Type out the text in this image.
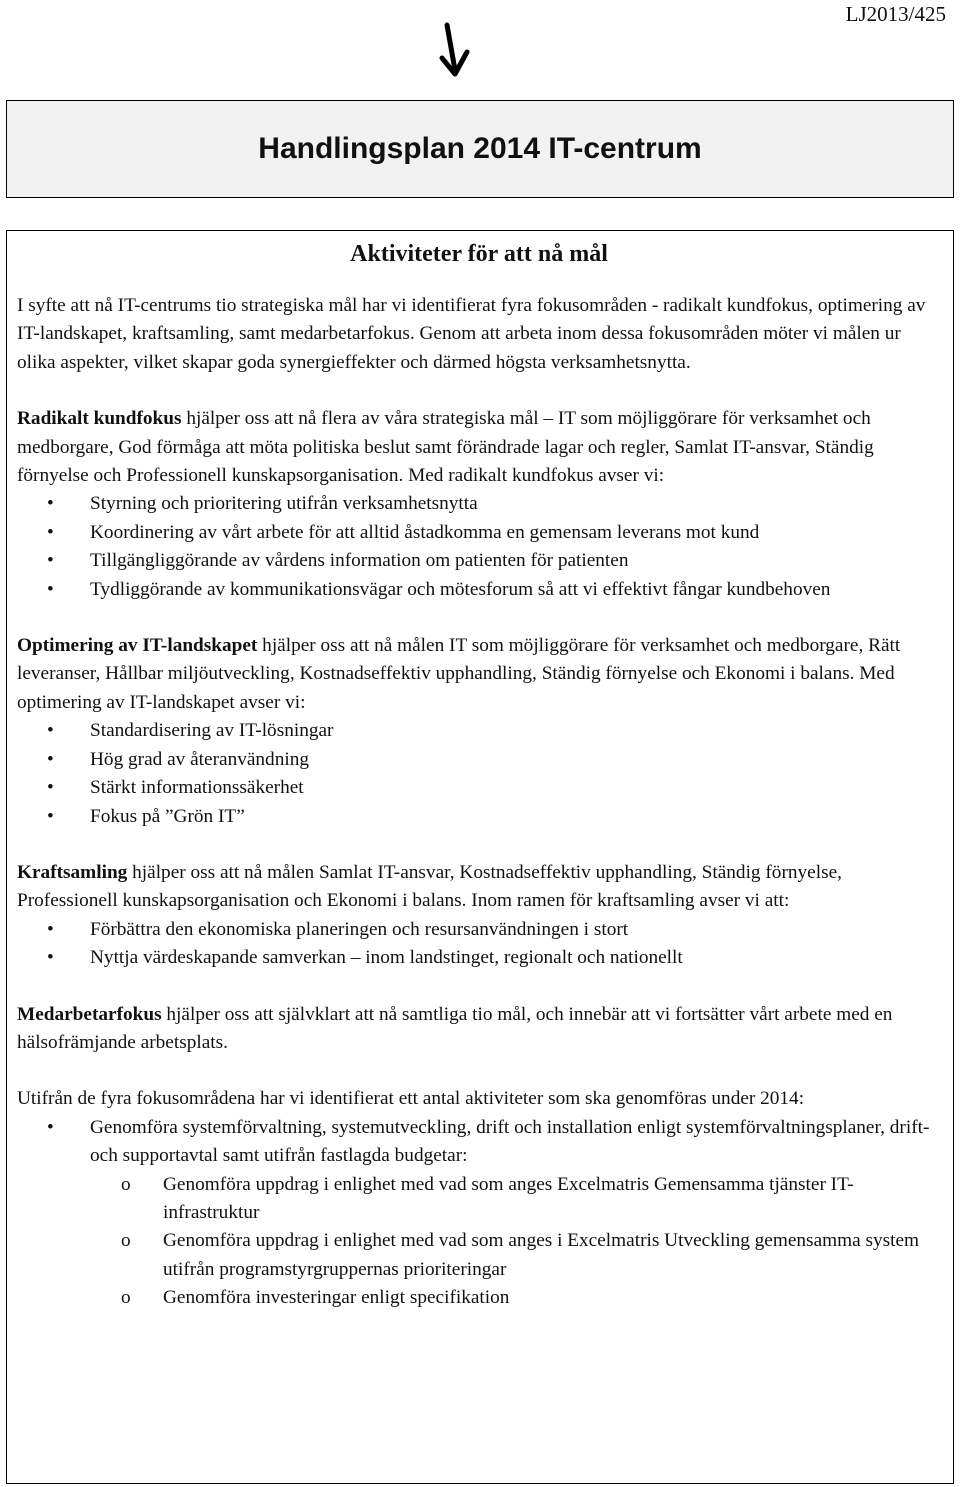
LJ2013/425
Handlingsplan 2014 IT-centrum
Aktiviteter för att nå mål

I syfte att nå IT-centrums tio strategiska mål har vi identifierat fyra fokusområden - radikalt kundfokus, optimering av IT-landskapet, kraftsamling, samt medarbetarfokus. Genom att arbeta inom dessa fokusområden möter vi målen ur olika aspekter, vilket skapar goda synergieffekter och därmed högsta verksamhetsnytta.

Radikalt kundfokus hjälper oss att nå flera av våra strategiska mål – IT som möjliggörare för verksamhet och medborgare, God förmåga att möta politiska beslut samt förändrade lagar och regler, Samlat IT-ansvar, Ständig förnyelse och Professionell kunskapsorganisation. Med radikalt kundfokus avser vi:

• Styrning och prioritering utifrån verksamhetsnytta
• Koordinering av vårt arbete för att alltid åstadkomma en gemensam leverans mot kund
• Tillgängliggörande av vårdens information om patienten för patienten
• Tydliggörande av kommunikationsvägar och mötesforum så att vi effektivt fångar kundbehoven

Optimering av IT-landskapet hjälper oss att nå målen IT som möjliggörare för verksamhet och medborgare, Rätt leveranser, Hållbar miljöutveckling, Kostnadseffektiv upphandling, Ständig förnyelse och Ekonomi i balans. Med optimering av IT-landskapet avser vi:

• Standardisering av IT-lösningar
• Hög grad av återanvändning
• Stärkt informationssäkerhet
• Fokus på ”Grön IT”

Kraftsamling hjälper oss att nå målen Samlat IT-ansvar, Kostnadseffektiv upphandling, Ständig förnyelse, Professionell kunskapsorganisation och Ekonomi i balans. Inom ramen för kraftsamling avser vi att:

• Förbättra den ekonomiska planeringen och resursanvändningen i stort
• Nyttja värdeskapande samverkan – inom landstinget, regionalt och nationellt

Medarbetarfokus hjälper oss att självklart att nå samtliga tio mål, och innebär att vi fortsätter vårt arbete med en hälsofrämjande arbetsplats.

Utifrån de fyra fokusområdena har vi identifierat ett antal aktiviteter som ska genomföras under 2014:

• Genomföra systemförvaltning, systemutveckling, drift och installation enligt systemförvaltningsplaner, drift- och supportavtal samt utifrån fastlagda budgetar:
o Genomföra uppdrag i enlighet med vad som anges Excelmatris Gemensamma tjänster IT-infrastruktur
o Genomföra uppdrag i enlighet med vad som anges i Excelmatris Utveckling gemensamma system utifrån programstyrgruppernas prioriteringar
o Genomföra investeringar enligt specifikation
